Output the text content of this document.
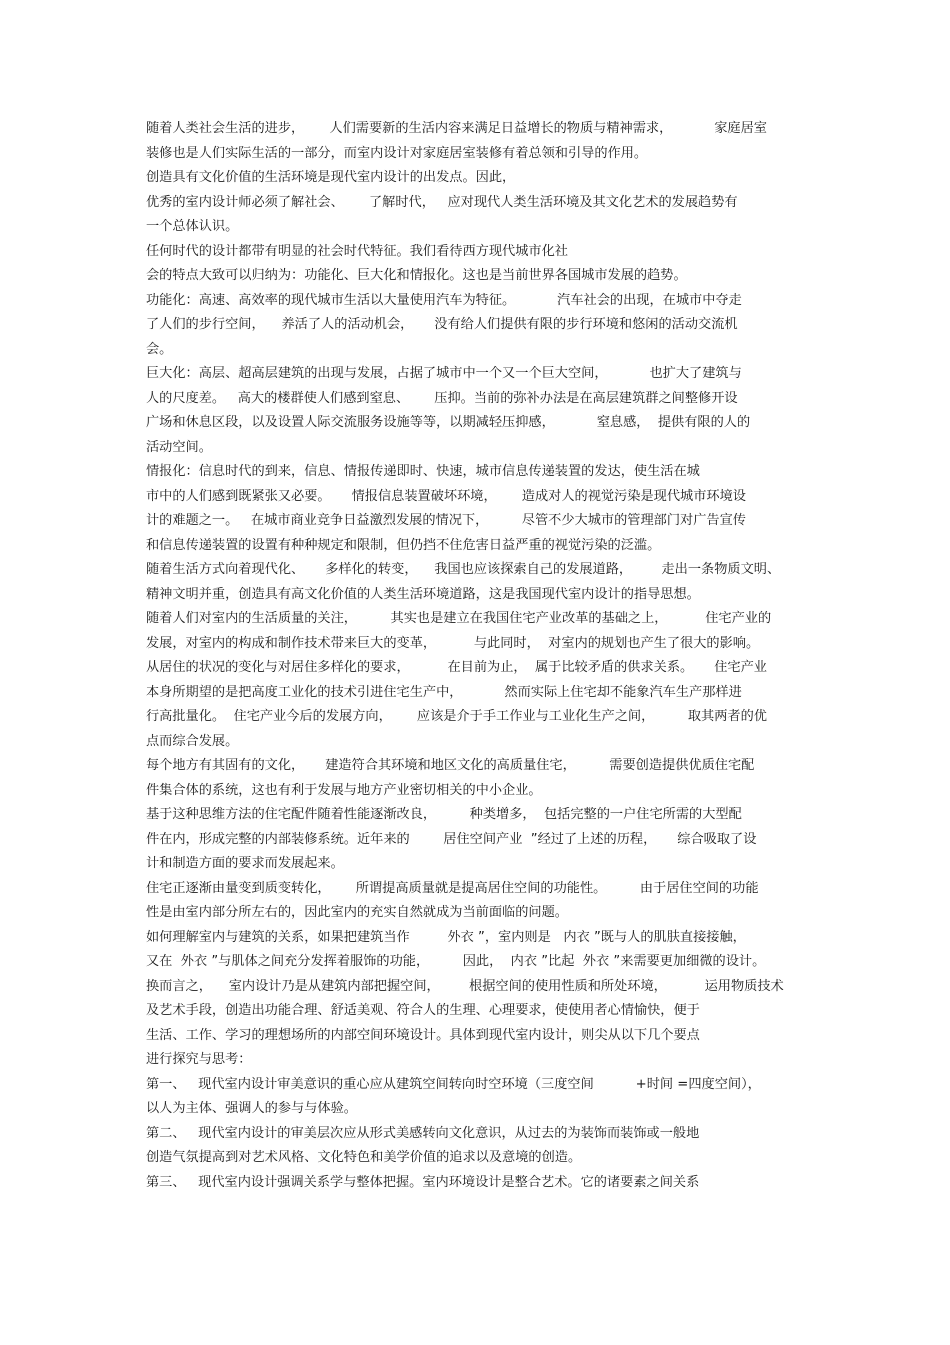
随着人类社会生活的进步，      人们需要新的生活内容来满足日益增长的物质与精神需求，          家庭居室
装修也是人们实际生活的一部分，而室内设计对家庭居室装修有着总领和引导的作用。
创造具有文化价值的生活环境是现代室内设计的出发点。因此，
优秀的室内设计师必须了解社会、      了解时代，   应对现代人类生活环境及其文化艺术的发展趋势有
一个总体认识。
任何时代的设计都带有明显的社会时代特征。我们看待西方现代城市化社
会的特点大致可以归纳为：功能化、巨大化和情报化。这也是当前世界各国城市发展的趋势。
功能化：高速、高效率的现代城市生活以大量使用汽车为特征。          汽车社会的出现，在城市中夺走
了人们的步行空间，    养活了人的活动机会，     没有给人们提供有限的步行环境和悠闲的活动交流机
会。
巨大化：高层、超高层建筑的出现与发展，占据了城市中一个又一个巨大空间，          也扩大了建筑与
人的尺度差。   高大的楼群使人们感到窒息、      压抑。当前的弥补办法是在高层建筑群之间整修开设
广场和休息区段，以及设置人际交流服务设施等等，以期减轻压抑感，          窒息感，  提供有限的人的
活动空间。
情报化：信息时代的到来，信息、情报传递即时、快速，城市信息传递装置的发达，使生活在城
市中的人们感到既紧张又必要。     情报信息装置破坏环境，      造成对人的视觉污染是现代城市环境设
计的难题之一。   在城市商业竞争日益激烈发展的情况下，        尽管不少大城市的管理部门对广告宣传
和信息传递装置的设置有种种规定和限制，但仍挡不住危害日益严重的视觉污染的泛滥。
随着生活方式向着现代化、     多样化的转变，    我国也应该探索自己的发展道路，       走出一条物质文明、
精神文明并重，创造具有高文化价值的人类生活环境道路，这是我国现代室内设计的指导思想。
随着人们对室内的生活质量的关注，        其实也是建立在我国住宅产业改革的基础之上，         住宅产业的
发展，对室内的构成和制作技术带来巨大的变革，         与此同时，  对室内的规划也产生了很大的影响。
从居住的状况的变化与对居住多样化的要求，         在目前为止，  属于比较矛盾的供求关系。     住宅产业
本身所期望的是把高度工业化的技术引进住宅生产中，          然而实际上住宅却不能象汽车生产那样进
行高批量化。  住宅产业今后的发展方向，      应该是介于手工作业与工业化生产之间，        取其两者的优
点而综合发展。
每个地方有其固有的文化，     建造符合其环境和地区文化的高质量住宅，        需要创造提供优质住宅配
件集合体的系统，这也有利于发展与地方产业密切相关的中小企业。
基于这种思维方法的住宅配件随着性能逐渐改良，        种类增多，  包括完整的一户住宅所需的大型配
件在内，形成完整的内部装修系统。近年来的        居住空间产业  ”经过了上述的历程，     综合吸取了设
计和制造方面的要求而发展起来。
住宅正逐渐由量变到质变转化，      所谓提高质量就是提高居住空间的功能性。        由于居住空间的功能
性是由室内部分所左右的，因此室内的充实自然就成为当前面临的问题。
如何理解室内与建筑的关系，如果把建筑当作         外衣 ”，室内则是   内衣 ”既与人的肌肤直接接触，
又在  外衣 ”与肌体之间充分发挥着服饰的功能，        因此，  内衣 ”比起  外衣 ”来需要更加细微的设计。
换而言之，    室内设计乃是从建筑内部把握空间，       根据空间的使用性质和所处环境，         运用物质技术
及艺术手段，创造出功能合理、舒适美观、符合人的生理、心理要求，使使用者心情愉快，便于
生活、工作、学习的理想场所的内部空间环境设计。具体到现代室内设计，则尖从以下几个要点
进行探究与思考：
第一、   现代室内设计审美意识的重心应从建筑空间转向时空环境（三度空间          +时间 =四度空间），
以人为主体、强调人的参与与体验。
第二、   现代室内设计的审美层次应从形式美感转向文化意识，从过去的为装饰而装饰或一般地
创造气氛提高到对艺术风格、文化特色和美学价值的追求以及意境的创造。
第三、   现代室内设计强调关系学与整体把握。室内环境设计是整合艺术。它的诸要素之间关系
